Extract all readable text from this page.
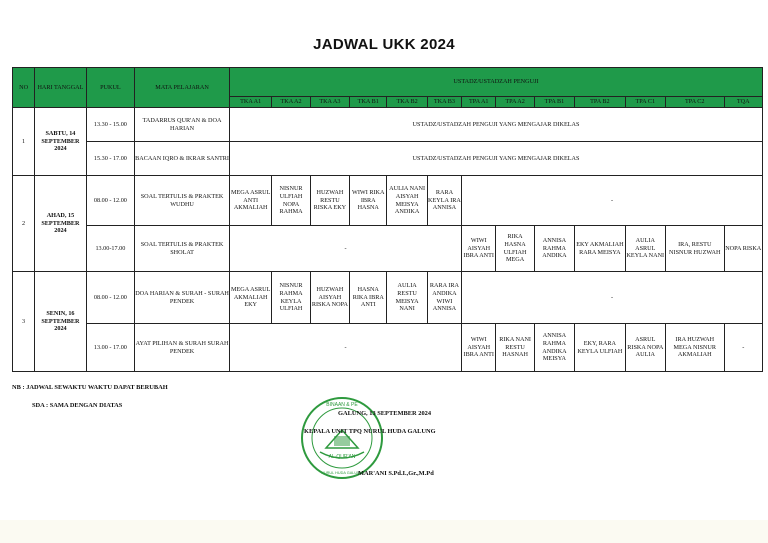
JADWAL UKK 2024
NO	HARI TANGGAL	PUKUL	MATA PELAJARAN	USTADZ/USTADZAH PENGUJI												
				TKA A1	TKA A2	TKA A3	TKA B1	TKA B2	TKA B3	TPA A1	TPA A2	TPA B1	TPA B2	TPA C1	TPA C2	TQA
1	SABTU, 14 SEPTEMBER 2024	13.30 - 15.00	TADARRUS QUR'AN & DOA HARIAN	USTADZ/USTADZAH PENGUJI YANG MENGAJAR DIKELAS												
		15.30 - 17.00	BACAAN IQRO & IKRAR SANTRI	USTADZ/USTADZAH PENGUJI YANG MENGAJAR DIKELAS												
2	AHAD, 15 SEPTEMBER 2024	08.00 - 12.00	SOAL TERTULIS & PRAKTEK WUDHU	MEGA ASRUL ANTI AKMALIAH	NISNUR ULFIAH NOPA RAHMA	HUZWAH RESTU RISKA EKY	WIWI RIKA IBRA HASNA	AULIA NANI AISYAH MEISYA ANDIKA	RARA KEYLA IRA ANNISA	-						
		13.00-17.00	SOAL TERTULIS & PRAKTEK SHOLAT	-						WIWI AISYAH IBRA ANTI	RIKA HASNA ULFIAH MEGA	ANNISA RAHMA ANDIKA	EKY AKMALIAH RARA MEISYA	AULIA ASRUL KEYLA NANI	IRA, RESTU NISNUR HUZWAH	NOPA RISKA
3	SENIN, 16 SEPTEMBER 2024	08.00 - 12.00	DOA HARIAN & SURAH - SURAH PENDEK	MEGA ASRUL AKMALIAH EKY	NISNUR RAHMA KEYLA ULFIAH	HUZWAH AISYAH RISKA NOPA	HASNA RIKA IBRA ANTI	AULIA RESTU MEISYA NANI	RARA IRA ANDIKA WIWI ANNISA	-						
		13.00 - 17.00	AYAT PILIHAN & SURAH SURAH PENDEK	-						WIWI AISYAH IBRA ANTI	RIKA NANI RESTU HASNAH	ANNISA RAHMA ANDIKA MEISYA	EKY, RARA KEYLA ULFIAH	ASRUL RISKA NOPA AULIA	IRA HUZWAH MEGA NISNUR AKMALIAH	-
NB : JADWAL SEWAKTU WAKTU DAPAT BERUBAH
SDA : SAMA DENGAN DIATAS	BINAAN & PE
AL-QUR'AN
NURUL HUDA GALUNG
GALUNG, 13 SEPTEMBER 2024
KEPALA UNIT TPQ NURUL HUDA GALUNG
MAR'ANI S.Pd.I.,Gr.,M.Pd
